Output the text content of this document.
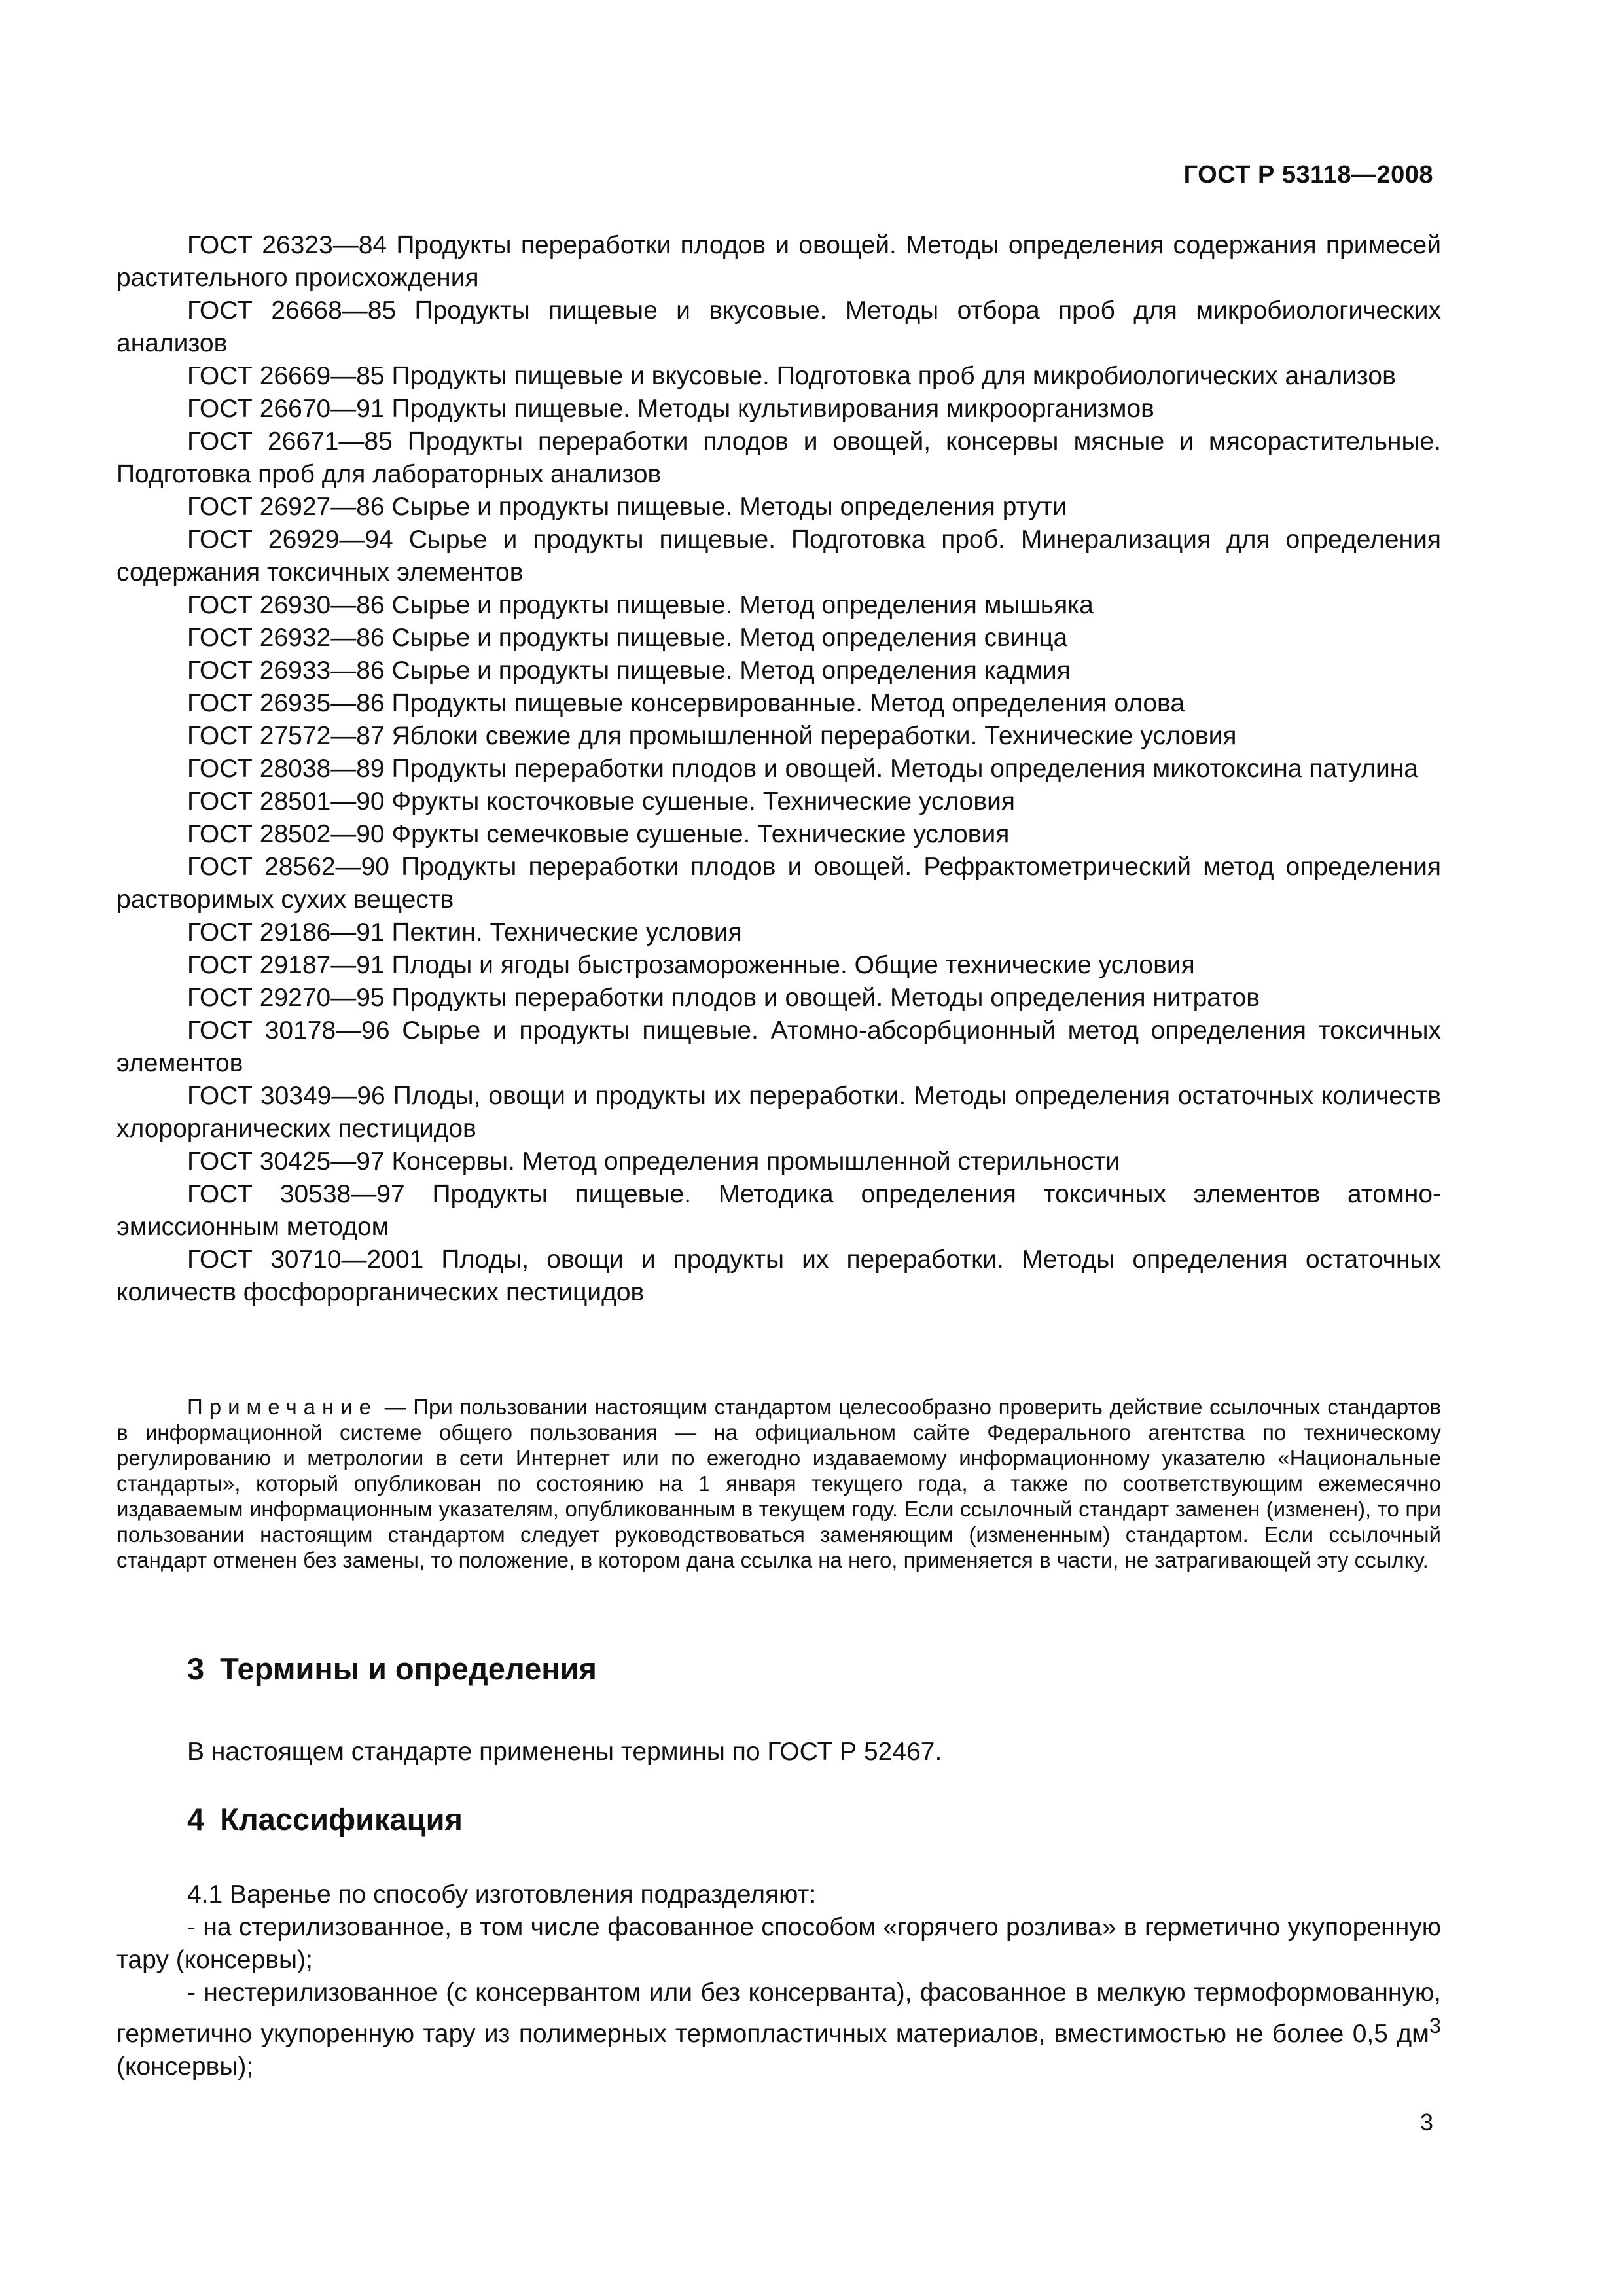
ГОСТ Р 53118—2008

ГОСТ 26323—84 Продукты переработки плодов и овощей. Методы определения содержания примесей растительного происхождения

ГОСТ 26668—85 Продукты пищевые и вкусовые. Методы отбора проб для микробиологических анализов

ГОСТ 26669—85 Продукты пищевые и вкусовые. Подготовка проб для микробиологических анализов

ГОСТ 26670—91 Продукты пищевые. Методы культивирования микроорганизмов

ГОСТ 26671—85 Продукты переработки плодов и овощей, консервы мясные и мясорастительные. Подготовка проб для лабораторных анализов

ГОСТ 26927—86 Сырье и продукты пищевые. Методы определения ртути

ГОСТ 26929—94 Сырье и продукты пищевые. Подготовка проб. Минерализация для определения содержания токсичных элементов

ГОСТ 26930—86 Сырье и продукты пищевые. Метод определения мышьяка

ГОСТ 26932—86 Сырье и продукты пищевые. Метод определения свинца

ГОСТ 26933—86 Сырье и продукты пищевые. Метод определения кадмия

ГОСТ 26935—86 Продукты пищевые консервированные. Метод определения олова

ГОСТ 27572—87 Яблоки свежие для промышленной переработки. Технические условия

ГОСТ 28038—89 Продукты переработки плодов и овощей. Методы определения микотоксина патулина

ГОСТ 28501—90 Фрукты косточковые сушеные. Технические условия

ГОСТ 28502—90 Фрукты семечковые сушеные. Технические условия

ГОСТ 28562—90 Продукты переработки плодов и овощей. Рефрактометрический метод определения растворимых сухих веществ

ГОСТ 29186—91 Пектин. Технические условия

ГОСТ 29187—91 Плоды и ягоды быстрозамороженные. Общие технические условия

ГОСТ 29270—95 Продукты переработки плодов и овощей. Методы определения нитратов

ГОСТ 30178—96 Сырье и продукты пищевые. Атомно-абсорбционный метод определения токсичных элементов

ГОСТ 30349—96 Плоды, овощи и продукты их переработки. Методы определения остаточных количеств хлорорганических пестицидов

ГОСТ 30425—97 Консервы. Метод определения промышленной стерильности

ГОСТ 30538—97 Продукты пищевые. Методика определения токсичных элементов атомно-эмиссионным методом

ГОСТ 30710—2001 Плоды, овощи и продукты их переработки. Методы определения остаточных количеств фосфорорганических пестицидов

Примечание — При пользовании настоящим стандартом целесообразно проверить действие ссылочных стандартов в информационной системе общего пользования — на официальном сайте Федерального агентства по техническому регулированию и метрологии в сети Интернет или по ежегодно издаваемому информационному указателю «Национальные стандарты», который опубликован по состоянию на 1 января текущего года, а также по соответствующим ежемесячно издаваемым информационным указателям, опубликованным в текущем году. Если ссылочный стандарт заменен (изменен), то при пользовании настоящим стандартом следует руководствоваться заменяющим (измененным) стандартом. Если ссылочный стандарт отменен без замены, то положение, в котором дана ссылка на него, применяется в части, не затрагивающей эту ссылку.

3 Термины и определения

В настоящем стандарте применены термины по ГОСТ Р 52467.

4 Классификация

4.1 Варенье по способу изготовления подразделяют:

- на стерилизованное, в том числе фасованное способом «горячего розлива» в герметично укупоренную тару (консервы);

- нестерилизованное (с консервантом или без консерванта), фасованное в мелкую термоформованную, герметично укупоренную тару из полимерных термопластичных материалов, вместимостью не более 0,5 $дм^3$ (консервы);

3
